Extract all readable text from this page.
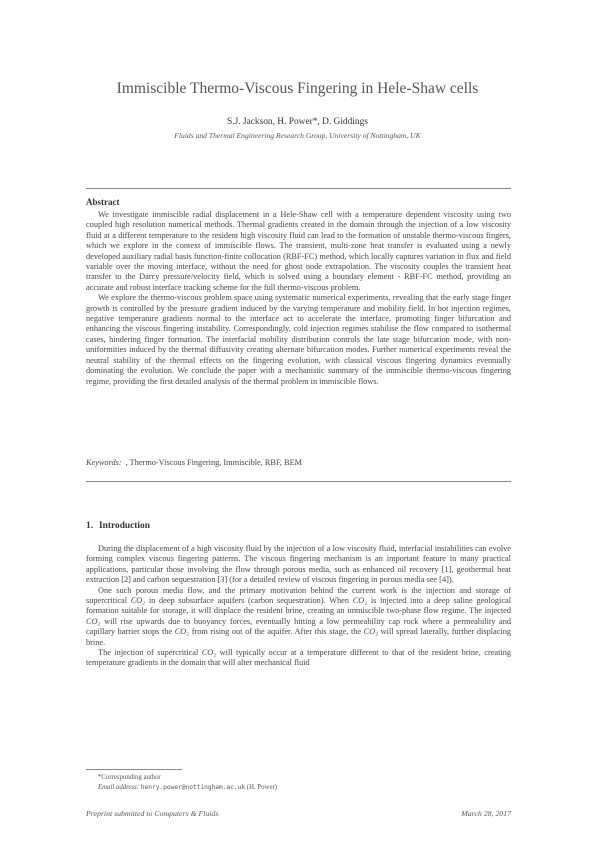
Immiscible Thermo-Viscous Fingering in Hele-Shaw cells
S.J. Jackson, H. Power*, D. Giddings
Fluids and Thermal Engineering Research Group, University of Nottingham, UK
Abstract

We investigate immiscible radial displacement in a Hele-Shaw cell with a temperature dependent viscosity using two coupled high resolution numerical methods. Thermal gradients created in the domain through the injection of a low viscosity fluid at a different temperature to the resident high viscosity fluid can lead to the formation of unstable thermo-viscous fingers, which we explore in the context of immiscible flows. The transient, multi-zone heat transfer is evaluated using a newly developed auxiliary radial basis function-finite collocation (RBF-FC) method, which locally captures variation in flux and field variable over the moving interface, without the need for ghost node extrapolation. The viscosity couples the transient heat transfer to the Darcy pressure/velocity field, which is solved using a boundary element - RBF-FC method, providing an accurate and robust interface tracking scheme for the full thermo-viscous problem.

We explore the thermo-viscous problem space using systematic numerical experiments, revealing that the early stage finger growth is controlled by the pressure gradient induced by the varying temperature and mobility field. In hot injection regimes, negative temperature gradients normal to the interface act to accelerate the interface, promoting finger bifurcation and enhancing the viscous fingering instability. Correspondingly, cold injection regimes stabilise the flow compared to isothermal cases, hindering finger formation. The interfacial mobility distribution controls the late stage bifurcation mode, with non-uniformities induced by the thermal diffusivity creating alternate bifurcation modes. Further numerical experiments reveal the neutral stability of the thermal effects on the fingering evolution, with classical viscous fingering dynamics eventually dominating the evolution. We conclude the paper with a mechanistic summary of the immiscible thermo-viscous fingering regime, providing the first detailed analysis of the thermal problem in immiscible flows.

Keywords: , Thermo-Viscous Fingering, Immiscible, RBF, BEM
1. Introduction

During the displacement of a high viscosity fluid by the injection of a low viscosity fluid, interfacial instabilities can evolve forming complex viscous fingering patterns. The viscous fingering mechanism is an important feature in many practical applications, particular those involving the flow through porous media, such as enhanced oil recovery [1], geothermal heat extraction [2] and carbon sequestration [3] (for a detailed review of viscous fingering in porous media see [4]).

One such porous media flow, and the primary motivation behind the current work is the injection and storage of supercritical CO₂ in deep subsurface aquifers (carbon sequestration). When CO₂ is injected into a deep saline geological formation suitable for storage, it will displace the resident brine, creating an immiscible two-phase flow regime. The injected CO₂ will rise upwards due to buoyancy forces, eventually hitting a low permeability cap rock where a permeability and capillary barrier stops the CO₂ from rising out of the aquifer. After this stage, the CO₂ will spread laterally, further displacing brine.

The injection of supercritical CO₂ will typically occur at a temperature different to that of the resident brine, creating temperature gradients in the domain that will alter mechanical fluid

*Corresponding author
Email address: henry.power@nottingham.ac.uk (H. Power)
Preprint submitted to Computers & Fluids	March 28, 2017
